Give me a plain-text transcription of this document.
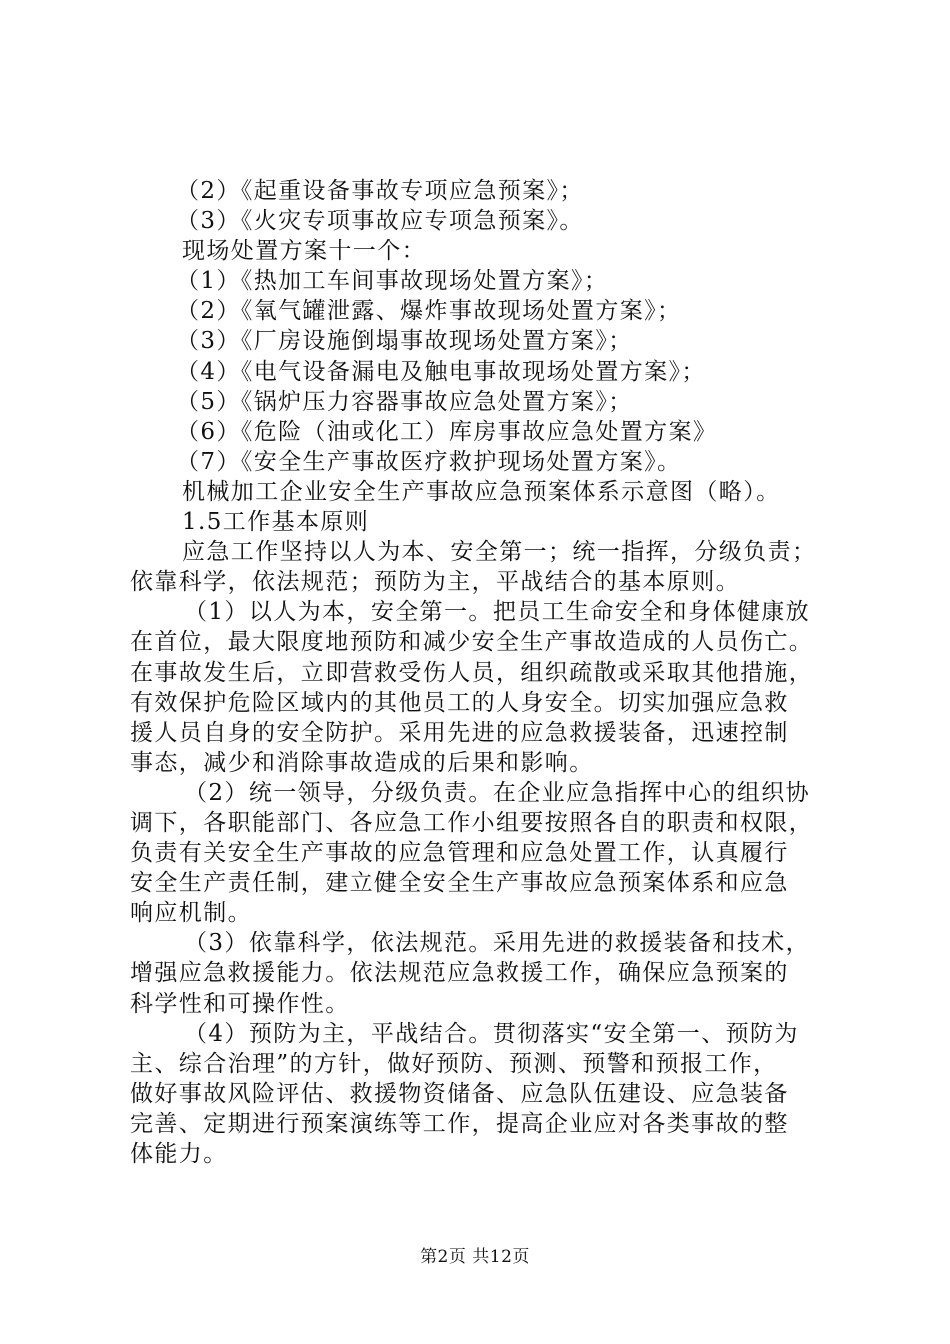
（2）《起重设备事故专项应急预案》；
（3）《火灾专项事故应专项急预案》。
现场处置方案十一个：
（1）《热加工车间事故现场处置方案》；
（2）《氧气罐泄露、爆炸事故现场处置方案》；
（3）《厂房设施倒塌事故现场处置方案》；
（4）《电气设备漏电及触电事故现场处置方案》；
（5）《锅炉压力容器事故应急处置方案》；
（6）《危险（油或化工）库房事故应急处置方案》
（7）《安全生产事故医疗救护现场处置方案》。
机械加工企业安全生产事故应急预案体系示意图（略）。
1.5工作基本原则
应急工作坚持以人为本、安全第一；统一指挥，分级负责；
依靠科学，依法规范；预防为主，平战结合的基本原则。
（1）以人为本，安全第一。把员工生命安全和身体健康放
在首位，最大限度地预防和减少安全生产事故造成的人员伤亡。
在事故发生后，立即营救受伤人员，组织疏散或采取其他措施，
有效保护危险区域内的其他员工的人身安全。切实加强应急救
援人员自身的安全防护。采用先进的应急救援装备，迅速控制
事态，减少和消除事故造成的后果和影响。
（2）统一领导，分级负责。在企业应急指挥中心的组织协
调下，各职能部门、各应急工作小组要按照各自的职责和权限，
负责有关安全生产事故的应急管理和应急处置工作，认真履行
安全生产责任制，建立健全安全生产事故应急预案体系和应急
响应机制。
（3）依靠科学，依法规范。采用先进的救援装备和技术，
增强应急救援能力。依法规范应急救援工作，确保应急预案的
科学性和可操作性。
（4）预防为主，平战结合。贯彻落实“安全第一、预防为
主、综合治理”的方针，做好预防、预测、预警和预报工作，
做好事故风险评估、救援物资储备、应急队伍建设、应急装备
完善、定期进行预案演练等工作，提高企业应对各类事故的整
体能力。
第2页 共12页
